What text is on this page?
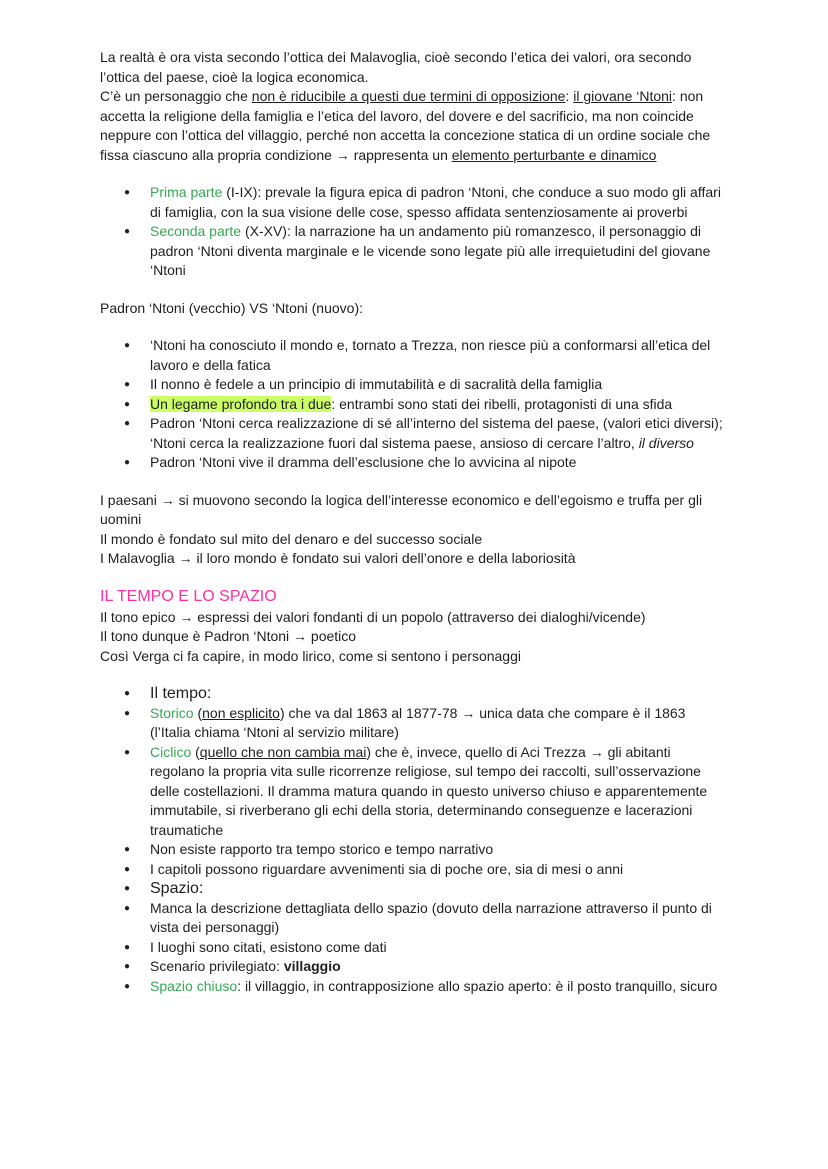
La realtà è ora vista secondo l’ottica dei Malavoglia, cioè secondo l’etica dei valori, ora secondo l’ottica del paese, cioè la logica economica.

C’è un personaggio che non è riducibile a questi due termini di opposizione: il giovane ‘Ntoni: non accetta la religione della famiglia e l’etica del lavoro, del dovere e del sacrificio, ma non coincide neppure con l’ottica del villaggio, perché non accetta la concezione statica di un ordine sociale che fissa ciascuno alla propria condizione → rappresenta un elemento perturbante e dinamico

● Prima parte (I-IX): prevale la figura epica di padron ‘Ntoni, che conduce a suo modo gli affari di famiglia, con la sua visione delle cose, spesso affidata sentenziosamente ai proverbi
● Seconda parte (X-XV): la narrazione ha un andamento più romanzesco, il personaggio di padron ‘Ntoni diventa marginale e le vicende sono legate più alle irrequietudini del giovane ‘Ntoni

Padron ‘Ntoni (vecchio) VS ‘Ntoni (nuovo):

● ‘Ntoni ha conosciuto il mondo e, tornato a Trezza, non riesce più a conformarsi all’etica del lavoro e della fatica
● Il nonno è fedele a un principio di immutabilità e di sacralità della famiglia
● Un legame profondo tra i due: entrambi sono stati dei ribelli, protagonisti di una sfida
● Padron ‘Ntoni cerca realizzazione di sé all’interno del sistema del paese, (valori etici diversi); ‘Ntoni cerca la realizzazione fuori dal sistema paese, ansioso di cercare l’altro, il diverso
● Padron ‘Ntoni vive il dramma dell’esclusione che lo avvicina al nipote

I paesani → si muovono secondo la logica dell’interesse economico e dell’egoismo e truffa per gli uomini

Il mondo è fondato sul mito del denaro e del successo sociale

I Malavoglia → il loro mondo è fondato sui valori dell’onore e della laboriosità

IL TEMPO E LO SPAZIO

Il tono epico → espressi dei valori fondanti di un popolo (attraverso dei dialoghi/vicende)

Il tono dunque è Padron ‘Ntoni → poetico

Così Verga ci fa capire, in modo lirico, come si sentono i personaggi

● Il tempo:
● Storico (non esplicito) che va dal 1863 al 1877-78 → unica data che compare è il 1863 (l’Italia chiama ‘Ntoni al servizio militare)
● Ciclico (quello che non cambia mai) che è, invece, quello di Aci Trezza → gli abitanti regolano la propria vita sulle ricorrenze religiose, sul tempo dei raccolti, sull’osservazione delle costellazioni. Il dramma matura quando in questo universo chiuso e apparentemente immutabile, si riverberano gli echi della storia, determinando conseguenze e lacerazioni traumatiche
● Non esiste rapporto tra tempo storico e tempo narrativo
● I capitoli possono riguardare avvenimenti sia di poche ore, sia di mesi o anni
● Spazio:
● Manca la descrizione dettagliata dello spazio (dovuto della narrazione attraverso il punto di vista dei personaggi)
● I luoghi sono citati, esistono come dati
● Scenario privilegiato: villaggio
● Spazio chiuso: il villaggio, in contrapposizione allo spazio aperto: è il posto tranquillo, sicuro
